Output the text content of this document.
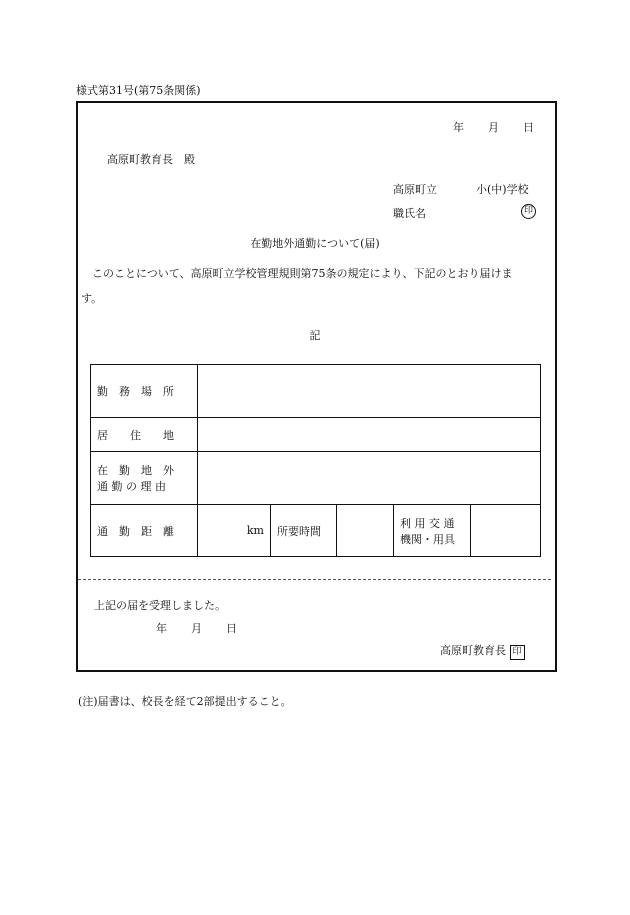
様式第31号(第75条関係)
年 月 日
高原町教育長　殿
高原町立	小(中)学校
職氏名	印
在勤地外通勤について(届)
このことについて、高原町立学校管理規則第75条の規定により、下記のとおり届けま
す。
記
勤　務　場　所					
居　　住　　地					

在　勤　地　外
通 勤 の 理 由					

通　勤　距　離	km	所要時間		利 用 交 通
機関・用具	

上記の届を受理しました。
年 月 日
高原町教育長 印
(注)届書は、校長を経て2部提出すること。
